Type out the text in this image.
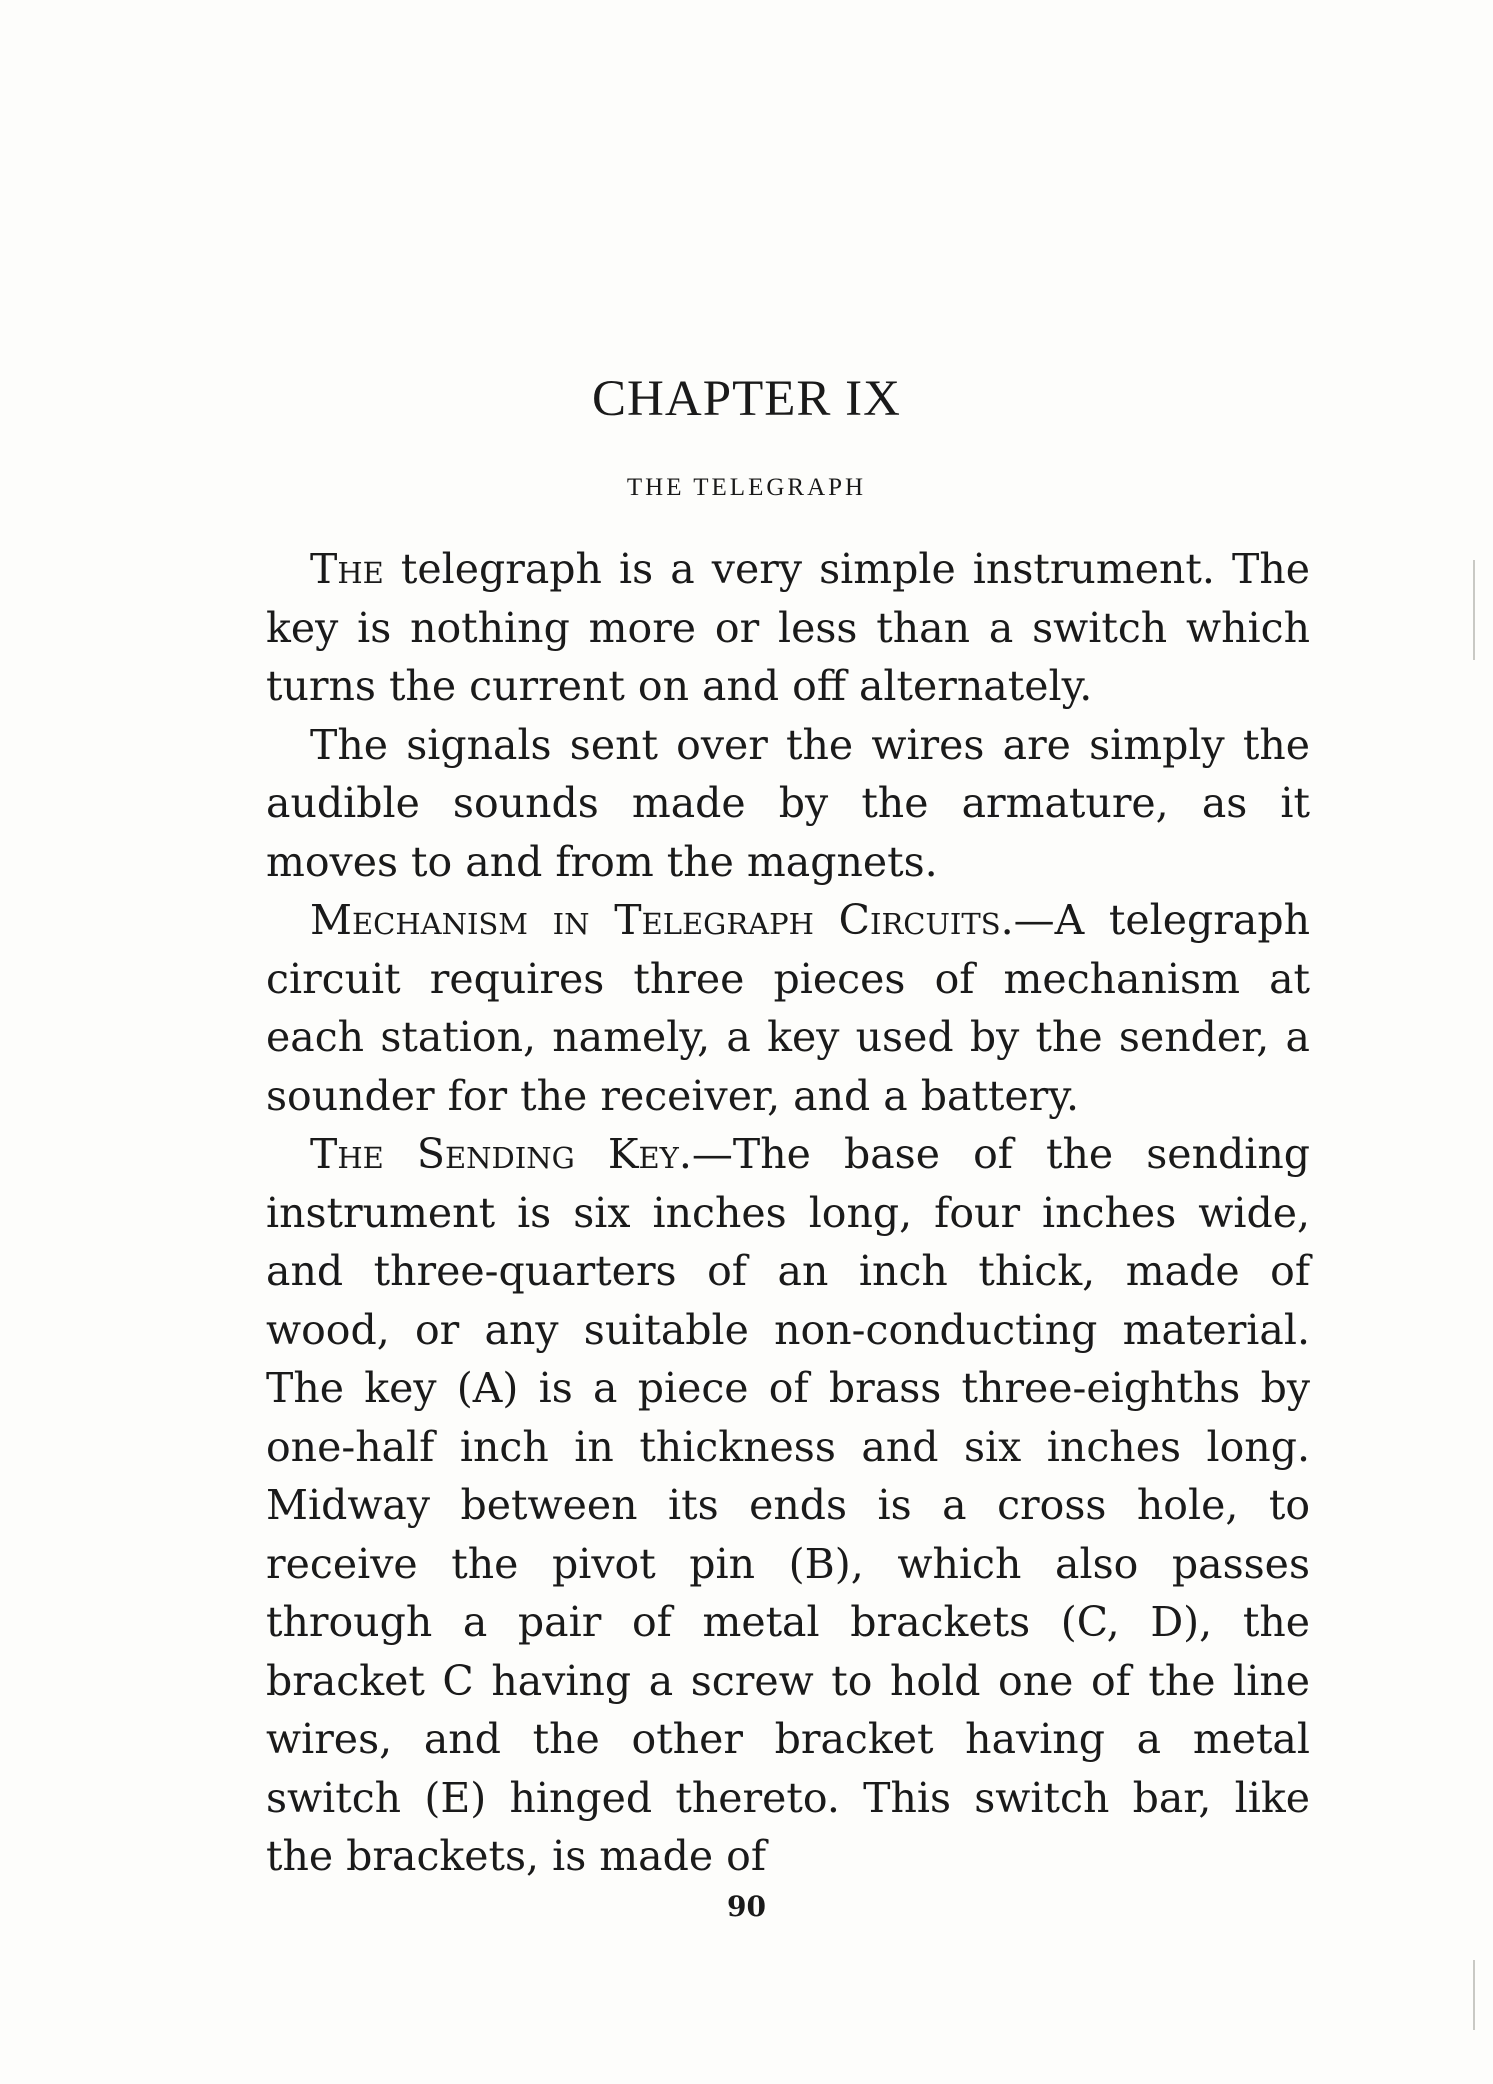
CHAPTER IX
THE TELEGRAPH

The telegraph is a very simple instrument. The key is nothing more or less than a switch which turns the current on and off alternately.

The signals sent over the wires are simply the audible sounds made by the armature, as it moves to and from the magnets.

Mechanism in Telegraph Circuits.—A telegraph circuit requires three pieces of mechanism at each station, namely, a key used by the sender, a sounder for the receiver, and a battery.

The Sending Key.—The base of the sending instrument is six inches long, four inches wide, and three-quarters of an inch thick, made of wood, or any suitable non-conducting material. The key (A) is a piece of brass three-eighths by one-half inch in thickness and six inches long. Midway between its ends is a cross hole, to receive the pivot pin (B), which also passes through a pair of metal brackets (C, D), the bracket C having a screw to hold one of the line wires, and the other bracket having a metal switch (E) hinged thereto. This switch bar, like the brackets, is made of

90
